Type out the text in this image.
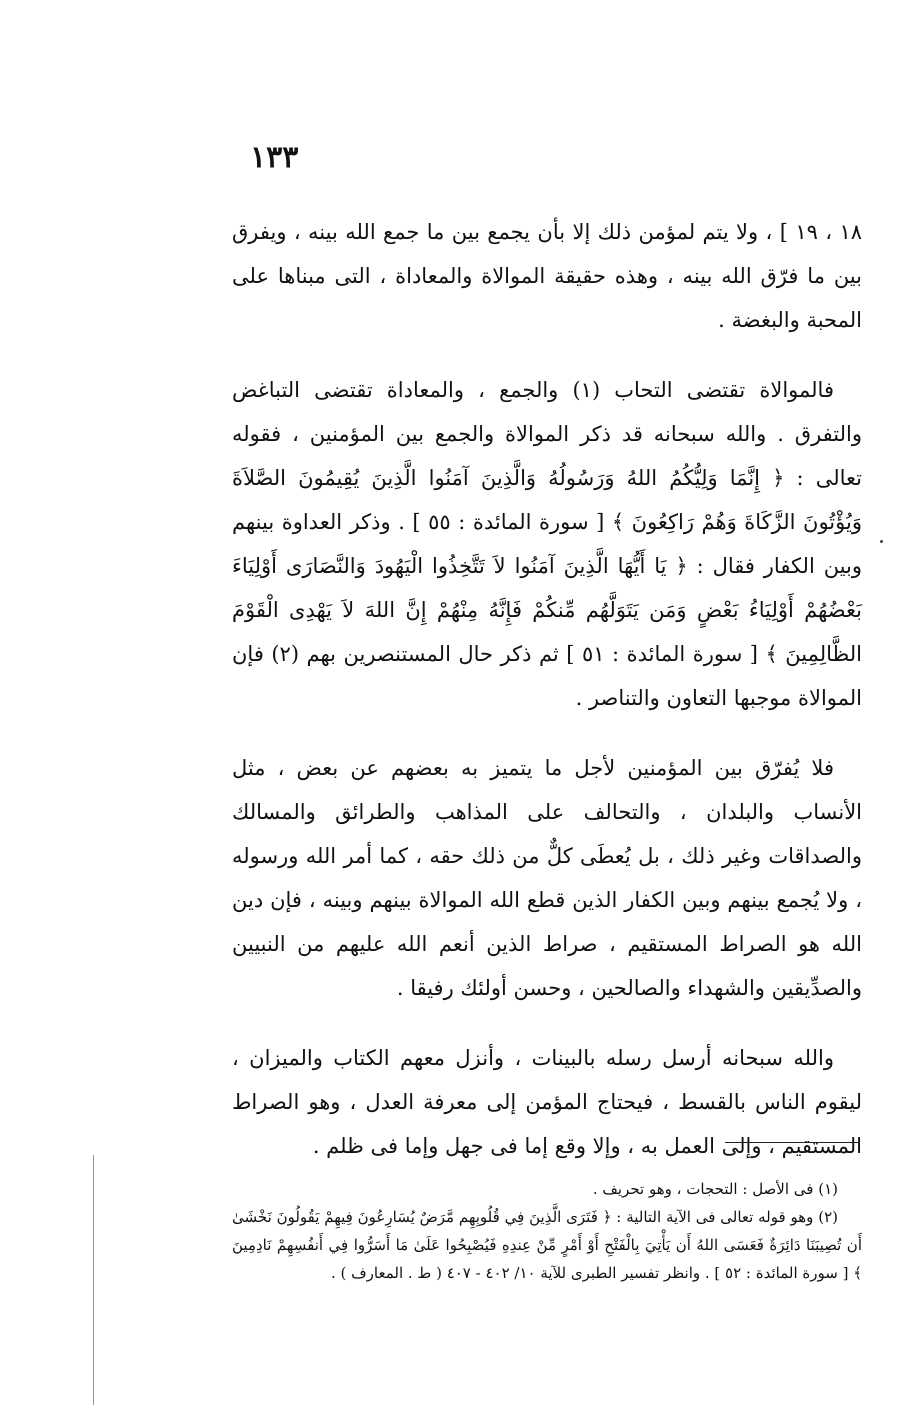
١٣٣

١٨ ، ١٩ ] ، ولا يتم لمؤمن ذلك إلا بأن يجمع بين ما جمع الله بينه ، ويفرق بين ما فرّق الله بينه ، وهذه حقيقة الموالاة والمعاداة ، التى مبناها على المحبة والبغضة .

فالموالاة تقتضى التحاب (١) والجمع ، والمعاداة تقتضى التباغض والتفرق . والله سبحانه قد ذكر الموالاة والجمع بين المؤمنين ، فقوله تعالى : ﴿ إِنَّمَا وَلِيُّكُمُ اللهُ وَرَسُولُهُ وَالَّذِينَ آمَنُوا الَّذِينَ يُقِيمُونَ الصَّلاَةَ وَيُؤْتُونَ الزَّكَاةَ وَهُمْ رَاكِعُونَ ﴾ [ سورة المائدة : ٥٥ ] . وذكر العداوة بينهم وبين الكفار فقال : ﴿ يَا أَيُّهَا الَّذِينَ آمَنُوا لاَ تَتَّخِذُوا الْيَهُودَ وَالنَّصَارَى أَوْلِيَاءَ بَعْضُهُمْ أَوْلِيَاءُ بَعْضٍ وَمَن يَتَوَلَّهُم مِّنكُمْ فَإِنَّهُ مِنْهُمْ إِنَّ اللهَ لاَ يَهْدِى الْقَوْمَ الظَّالِمِينَ ﴾ [ سورة المائدة : ٥١ ] ثم ذكر حال المستنصرين بهم (٢) فإن الموالاة موجبها التعاون والتناصر .

فلا يُفرّق بين المؤمنين لأجل ما يتميز به بعضهم عن بعض ، مثل الأنساب والبلدان ، والتحالف على المذاهب والطرائق والمسالك والصداقات وغير ذلك ، بل يُعطَى كلٌّ من ذلك حقه ، كما أمر الله ورسوله ، ولا يُجمع بينهم وبين الكفار الذين قطع الله الموالاة بينهم وبينه ، فإن دين الله هو الصراط المستقيم ، صراط الذين أنعم الله عليهم من النبيين والصدِّيقين والشهداء والصالحين ، وحسن أولئك رفيقا .

والله سبحانه أرسل رسله بالبينات ، وأنزل معهم الكتاب والميزان ، ليقوم الناس بالقسط ، فيحتاج المؤمن إلى معرفة العدل ، وهو الصراط المستقيم ، وإلى العمل به ، وإلا وقع إما فى جهل وإما فى ظلم .

(١) فى الأصل : التحجات ، وهو تحريف .

(٢) وهو قوله تعالى فى الآية التالية : ﴿ فَتَرَى الَّذِينَ فِي قُلُوبِهِم مَّرَضٌ يُسَارِعُونَ فِيهِمْ يَقُولُونَ نَخْشَىٰ أَن تُصِيبَنَا دَائِرَةٌ فَعَسَى اللهُ أَن يَأْتِيَ بِالْفَتْحِ أَوْ أَمْرٍ مِّنْ عِندِهِ فَيُصْبِحُوا عَلَىٰ مَا أَسَرُّوا فِي أَنفُسِهِمْ نَادِمِينَ ﴾ [ سورة المائدة : ٥٢ ] . وانظر تفسير الطبرى للآية ١٠/ ٤٠٢ - ٤٠٧ ( ط . المعارف ) .
